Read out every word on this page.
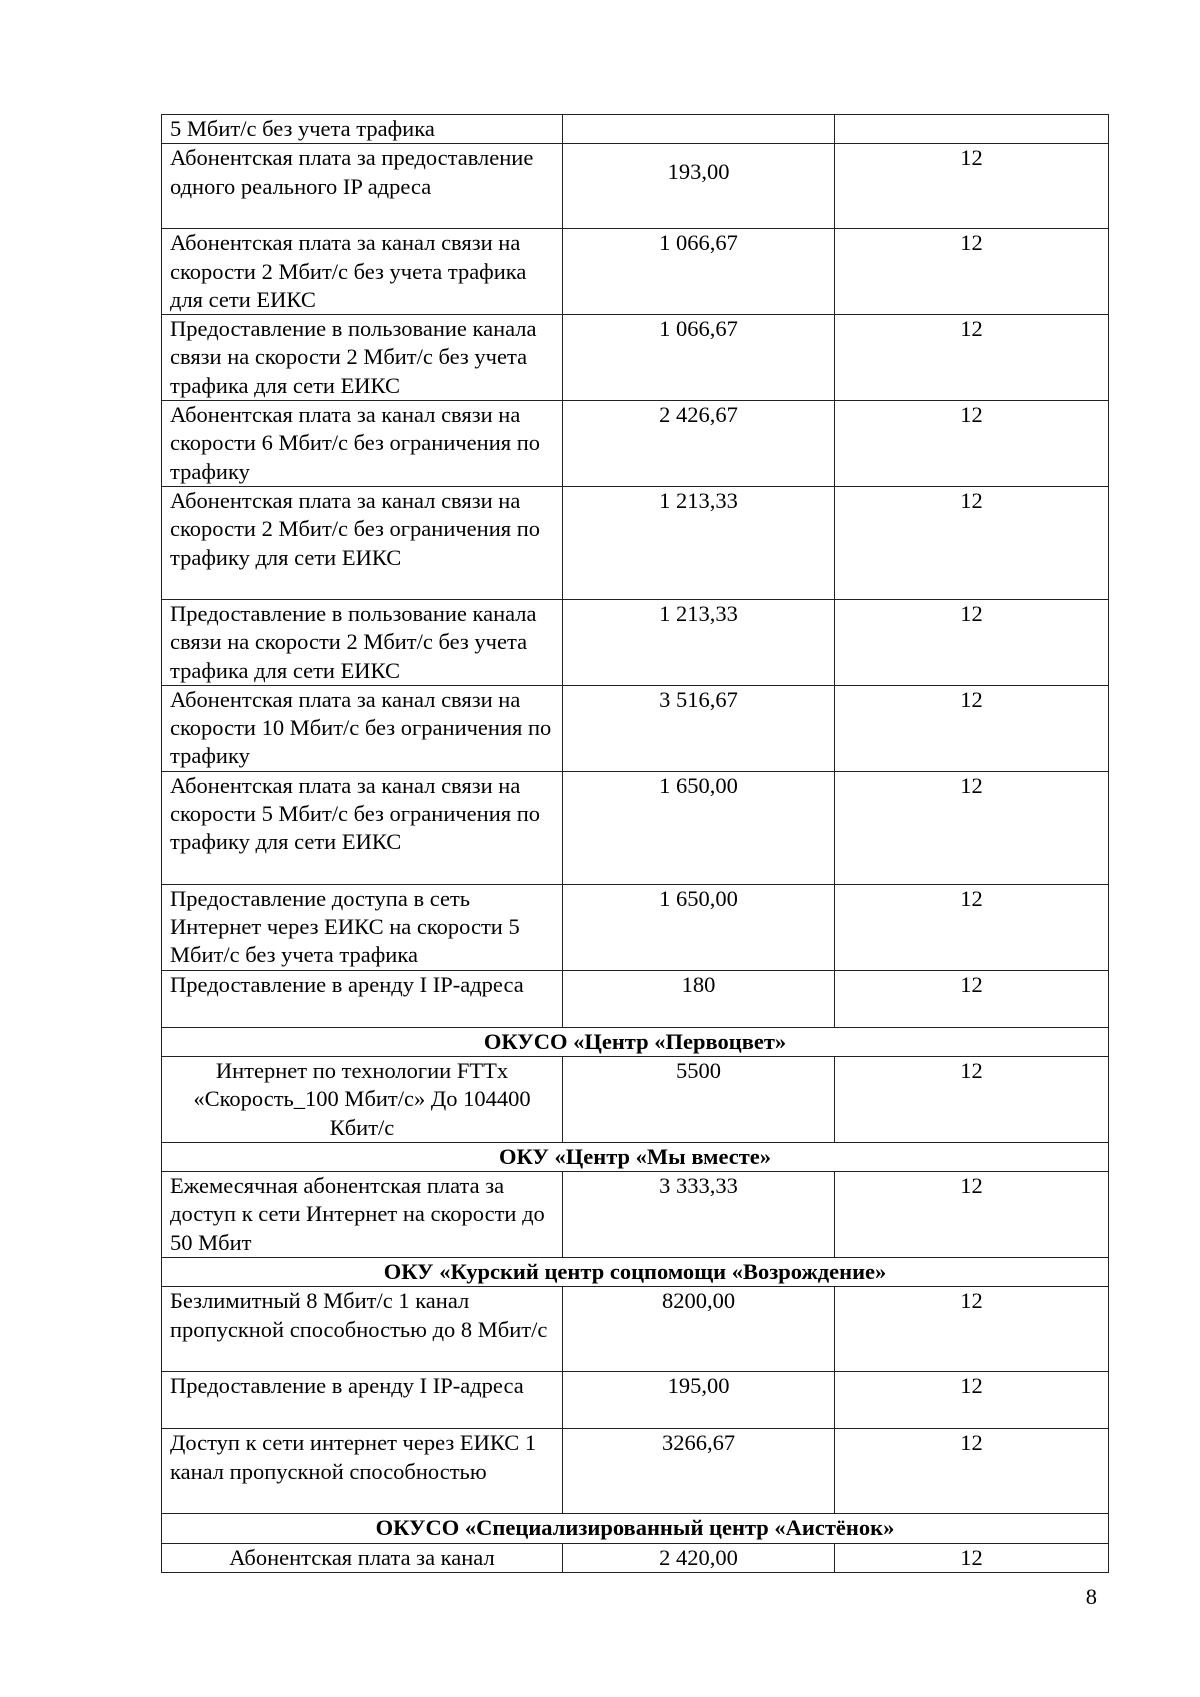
5 Мбит/с без учета трафика		
Абонентская плата за предоставление одного реального IP адреса	193,00	12
Абонентская плата за канал связи на скорости 2 Мбит/с без учета трафика для сети ЕИКС	1 066,67	12
Предоставление в пользование канала связи на скорости 2 Мбит/с без учета трафика для сети ЕИКС	1 066,67	12
Абонентская плата за канал связи на скорости 6 Мбит/с без ограничения по трафику	2 426,67	12
Абонентская плата за канал связи на скорости 2 Мбит/с без ограничения по трафику для сети ЕИКС	1 213,33	12
Предоставление в пользование канала связи на скорости 2 Мбит/с без учета трафика для сети ЕИКС	1 213,33	12
Абонентская плата за канал связи на скорости 10 Мбит/с без ограничения по трафику	3 516,67	12
Абонентская плата за канал связи на скорости 5 Мбит/с без ограничения по трафику для сети ЕИКС	1 650,00	12
Предоставление доступа в сеть Интернет через ЕИКС на скорости 5 Мбит/с без учета трафика	1 650,00	12
Предоставление в аренду I IP-адреса	180	12
ОКУСО «Центр «Первоцвет»		
Интернет по технологии FTTx «Скорость_100 Мбит/с» До 104400 Кбит/с	5500	12
ОКУ «Центр «Мы вместе»		
Ежемесячная абонентская плата за доступ к сети Интернет на скорости до 50 Мбит	3 333,33	12
ОКУ «Курский центр соцпомощи «Возрождение»		
Безлимитный 8 Мбит/с 1 канал пропускной способностью до 8 Мбит/с	8200,00	12
Предоставление в аренду I IP-адреса	195,00	12
Доступ к сети интернет через ЕИКС 1 канал пропускной способностью	3266,67	12
ОКУСО «Специализированный центр «Аистёнок»		
Абонентская плата за канал	2 420,00	12
8
